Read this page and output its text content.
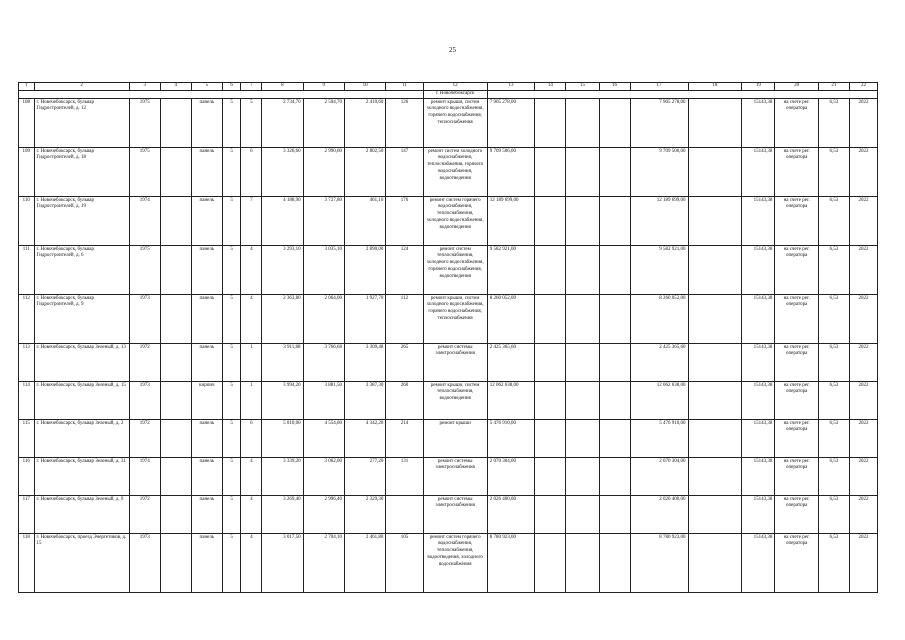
25
1	2	3	4	5	6	7	8	9	10	11	12	13	14	15	16	17	18	19	20	21	22
											г. Новочебоксарск										
108	г. Новочебоксарск, бульвар Гидростроителей, д. 12	1975		панель	5	5	2 734,70	2 504,70	2 410,60	126	ремонт крыши, систем холодного водоснабжения, горячего водоснабжения, теплоснабжения	7 905 278,00				7 905 278,00		15143,38	на счете рег. оператора	6,53	2022
109	г. Новочебоксарск, бульвар Гидростроителей, д. 18	1975		панель	5	6	3 326,60	2 990,60	2 802,50	147	ремонт систем холодного водоснабжения, теплоснабжения, горячего водоснабжения, водоотведения	9 709 506,00				9 709 506,00		15143,38	на счете рег. оператора	6,53	2022
110	г. Новочебоксарск, бульвар Гидростроителей, д. 19	1974		панель	5	7	4 188,90	3 727,80	461,10	176	ремонт систем горячего водоснабжения, теплоснабжения, холодного водоснабжения, водоотведения	12 189 699,00				12 189 699,00		15143,38	на счете рег. оператора	6,53	2022
111	г. Новочебоксарск, бульвар Гидростроителей, д. 6	1975		панель	5	4	3 293,10	3 035,10	2 890,00	124	ремонт систем теплоснабжения, холодного водоснабжения, горячего водоснабжения, водоотведения	9 582 921,00				9 582 921,00		15143,38	на счете рег. оператора	6,53	2022
112	г. Новочебоксарск, бульвар Гидростроителей, д. 9	1973		панель	5	4	2 363,80	2 064,00	1 927,70	112	ремонт крыши, систем холодного водоснабжения, горячего водоснабжения, теплоснабжения	8 260 052,00				8 260 052,00		15143,38	на счете рег. оператора	6,53	2022
113	г. Новочебоксарск, бульвар Зеленый, д. 13	1972		панель	5	1	3 911,88	3 766,68	3 309,48	265	ремонт системы электроснабжения	2 425 365,60				2 425 365,60		15143,38	на счете рег. оператора	6,53	2022
114	г. Новочебоксарск, бульвар Зеленый, д. 15	1973		кирпич	5	1	3 994,20	3 881,50	3 387,30	260	ремонт крыши, систем теплоснабжения, водоотведения	12 062 638,00				12 062 638,00		15143,38	на счете рег. оператора	6,53	2022
115	г. Новочебоксарск, бульвар Зеленый, д. 2	1972		панель	5	6	5 010,00	4 554,00	4 342,20	214	ремонт крыши	5 476 910,00				5 476 910,00		15143,38	на счете рег. оператора	6,53	2022
116	г. Новочебоксарск, бульвар Зеленый, д. 31	1974		панель	5	4	3 339,20	3 062,00	277,20	131	ремонт системы электроснабжения	2 070 304,00				2 070 304,00		15143,38	на счете рег. оператора	6,53	2022
117	г. Новочебоксарск, бульвар Зеленый, д. 9	1972		панель	5	4	3 269,40	2 996,40	2 329,30		ремонт системы электроснабжения	2 026 400,00				2 026 400,00		15143,38	на счете рег. оператора	6,53	2022
118	г. Новочебоксарск, проезд Энергетиков, д. 15	1973		панель	5	4	3 017,50	2 704,10	2 461,80	105	ремонт систем горячего водоснабжения, теплоснабжения, водоотведения, холодного водоснабжения	8 780 923,00				8 780 923,00		15143,38	на счете рег. оператора	6,53	2022
